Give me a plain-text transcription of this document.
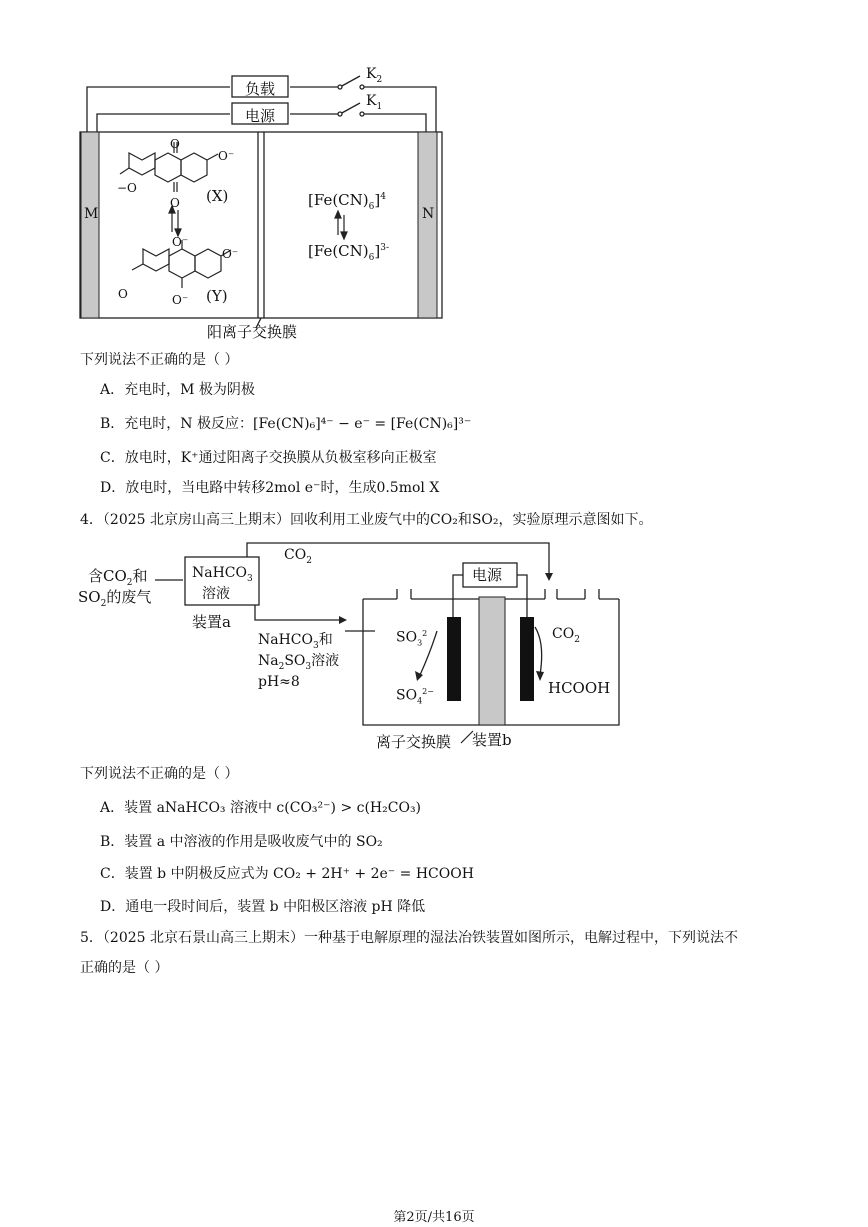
负载
电源
$K_2$
$K_1$
M	N
−O
O
O
O⁻
(X)
O⁻
O
O⁻
O⁻ (Y)
$[Fe(CN)_6]^4$
$[Fe(CN)_6]^{3-}$
阳离子交换膜
下列说法不正确的是（ ）
A．充电时，M 极为阴极
B．充电时，N 极反应：[Fe(CN)₆]⁴⁻ − e⁻ = [Fe(CN)₆]³⁻
C．放电时，K⁺通过阳离子交换膜从负极室移向正极室
D．放电时，当电路中转移2mol e⁻时，生成0.5mol X
4．（2025 北京房山高三上期末）回收利用工业废气中的CO₂和SO₂，实验原理示意图如下。
含$CO_2$和
$SO_2$的废气
NaHCO$_3$
溶液
装置a
$CO_2$
电源
NaHCO$_3$和
$Na_2SO_3$溶液
pH≈8
$SO_3^2$
$SO_4^{2-}$
$CO_2$
HCOOH
离子交换膜 装置b
下列说法不正确的是（ ）
A．装置 aNaHCO₃ 溶液中 c(CO₃²⁻) > c(H₂CO₃)
B．装置 a 中溶液的作用是吸收废气中的 SO₂
C．装置 b 中阴极反应式为 CO₂ + 2H⁺ + 2e⁻ = HCOOH
D．通电一段时间后，装置 b 中阳极区溶液 pH 降低
5．（2025 北京石景山高三上期末）一种基于电解原理的湿法冶铁装置如图所示，电解过程中，下列说法不
正确的是（ ）
第2页/共16页
